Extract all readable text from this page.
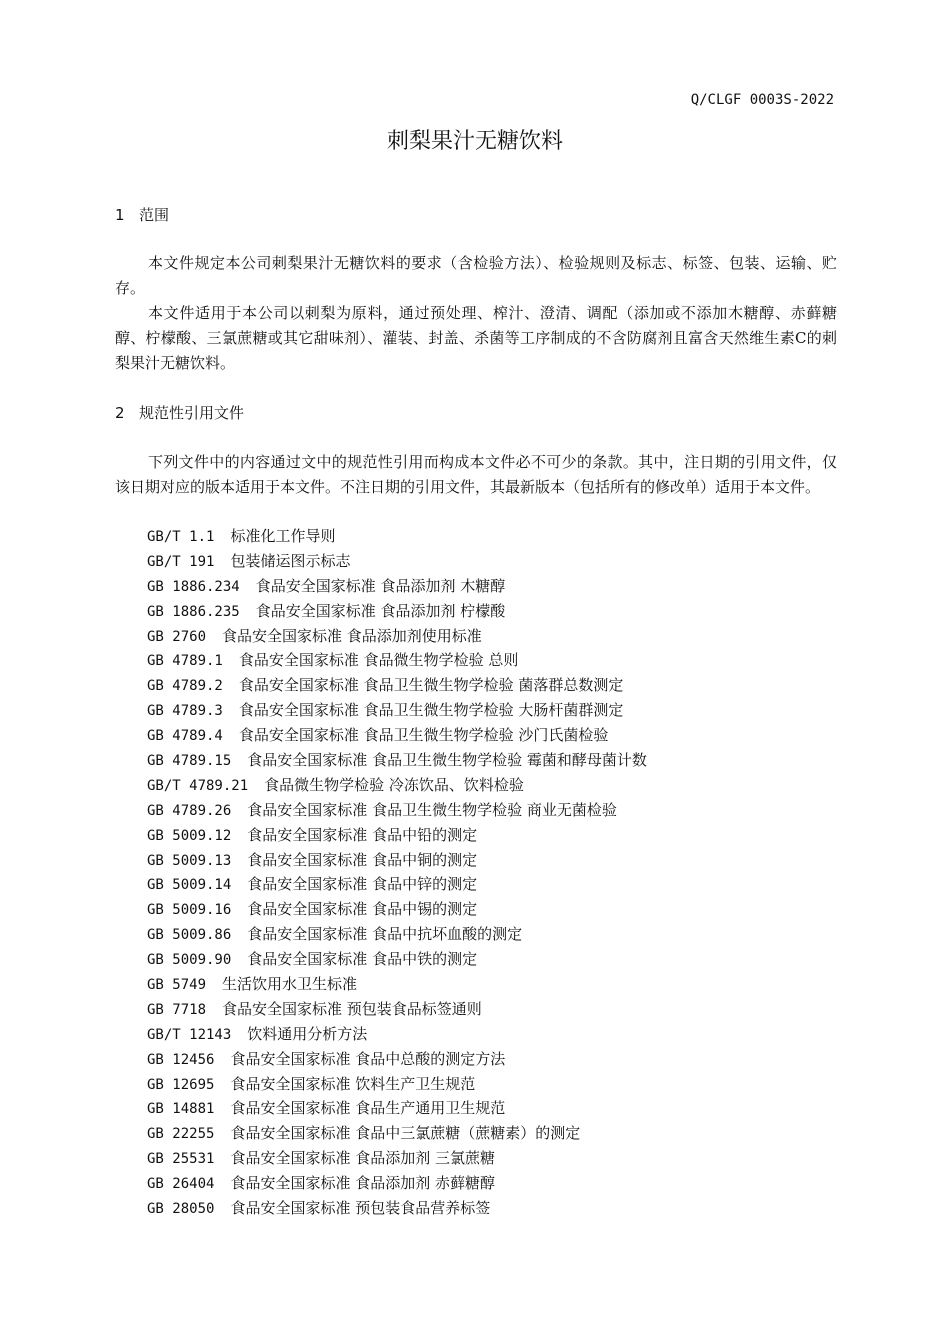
Q/CLGF 0003S-2022
刺梨果汁无糖饮料
1 范围

本文件规定本公司刺梨果汁无糖饮料的要求（含检验方法）、检验规则及标志、标签、包装、运输、贮存。

本文件适用于本公司以刺梨为原料，通过预处理、榨汁、澄清、调配（添加或不添加木糖醇、赤藓糖醇、柠檬酸、三氯蔗糖或其它甜味剂）、灌装、封盖、杀菌等工序制成的不含防腐剂且富含天然维生素C的刺梨果汁无糖饮料。

2 规范性引用文件

下列文件中的内容通过文中的规范性引用而构成本文件必不可少的条款。其中，注日期的引用文件，仅该日期对应的版本适用于本文件。不注日期的引用文件，其最新版本（包括所有的修改单）适用于本文件。

GB/T 1.1 标准化工作导则
GB/T 191 包装储运图示标志
GB 1886.234 食品安全国家标准 食品添加剂 木糖醇
GB 1886.235 食品安全国家标准 食品添加剂 柠檬酸
GB 2760 食品安全国家标准 食品添加剂使用标准
GB 4789.1 食品安全国家标准 食品微生物学检验 总则
GB 4789.2 食品安全国家标准 食品卫生微生物学检验 菌落群总数测定
GB 4789.3 食品安全国家标准 食品卫生微生物学检验 大肠杆菌群测定
GB 4789.4 食品安全国家标准 食品卫生微生物学检验 沙门氏菌检验
GB 4789.15 食品安全国家标准 食品卫生微生物学检验 霉菌和酵母菌计数
GB/T 4789.21 食品微生物学检验 冷冻饮品、饮料检验
GB 4789.26 食品安全国家标准 食品卫生微生物学检验 商业无菌检验
GB 5009.12 食品安全国家标准 食品中铅的测定
GB 5009.13 食品安全国家标准 食品中铜的测定
GB 5009.14 食品安全国家标准 食品中锌的测定
GB 5009.16 食品安全国家标准 食品中锡的测定
GB 5009.86 食品安全国家标准 食品中抗坏血酸的测定
GB 5009.90 食品安全国家标准 食品中铁的测定
GB 5749 生活饮用水卫生标准
GB 7718 食品安全国家标准 预包装食品标签通则
GB/T 12143 饮料通用分析方法
GB 12456 食品安全国家标准 食品中总酸的测定方法
GB 12695 食品安全国家标准 饮料生产卫生规范
GB 14881 食品安全国家标准 食品生产通用卫生规范
GB 22255 食品安全国家标准 食品中三氯蔗糖（蔗糖素）的测定
GB 25531 食品安全国家标准 食品添加剂 三氯蔗糖
GB 26404 食品安全国家标准 食品添加剂 赤藓糖醇
GB 28050 食品安全国家标准 预包装食品营养标签
